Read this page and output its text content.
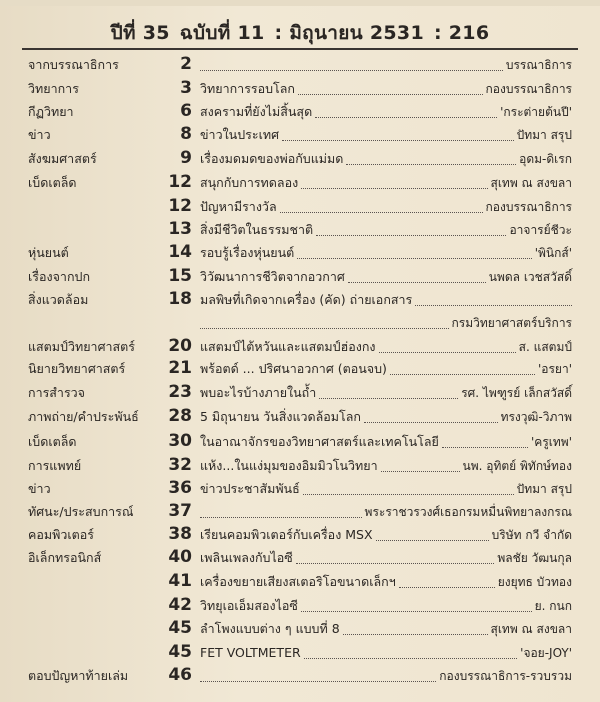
ปีที่ 35 ฉบับที่ 11 : มิถุนายน 2531 : 216
จากบรรณาธิการ	2	บรรณาธิการ
วิทยาการ	3 วิทยาการรอบโลก	กองบรรณาธิการ
กีฏวิทยา	6 สงครามที่ยังไม่สิ้นสุด	'กระต่ายต้นปี'
ข่าว	8 ข่าวในประเทศ	ปัทมา สรุป
สังฆมศาสตร์	9 เรื่องมดมดของพ่อกับแม่มด	อุดม-ดิเรก
เบ็ดเตล็ด	12 สนุกกับการทดลอง	สุเทพ ณ สงขลา
12 ปัญหามีรางวัล	กองบรรณาธิการ
13 สิ่งมีชีวิตในธรรมชาติ	อาจารย์ชีวะ
หุ่นยนต์	14 รอบรู้เรื่องหุ่นยนต์	'พินิกส์'
เรื่องจากปก	15 วิวัฒนาการชีวิตจากอวกาศ	นพดล เวชสวัสดิ์
สิ่งแวดล้อม	18 มลพิษที่เกิดจากเครื่อง (คัด) ถ่ายเอกสาร
กรมวิทยาศาสตร์บริการ
แสตมป์วิทยาศาสตร์ 20 แสตมป์ไต้หวันและแสตมป์ฮ่องกง	ส. แสตมป์
นิยายวิทยาศาสตร์	21 พร้อตด์ ... ปริศนาอวกาศ (ตอนจบ)	'อรยา'
การสำรวจ	23 พบอะไรบ้างภายในถ้ำ	รศ. ไพฑูรย์ เล็กสวัสดิ์
ภาพถ่าย/คำประพันธ์ 28 5 มิถุนายน วันสิ่งแวดล้อมโลก	ทรงวุฒิ-วิภาพ
เบ็ดเตล็ด	30 ในอาณาจักรของวิทยาศาสตร์และเทคโนโลยี	'ครูเทพ'
การแพทย์	32 แห้ง...ในแง่มุมของอิมมิวโนวิทยา	นพ. อุทิตย์ พิทักษ์ทอง
ข่าว	36 ข่าวประชาสัมพันธ์	ปัทมา สรุป
ทัศนะ/ประสบการณ์ 37	พระราชวรวงศ์เธอกรมหมื่นพิทยาลงกรณ
คอมพิวเตอร์	38 เรียนคอมพิวเตอร์กับเครื่อง MSX	บริษัท กวี จำกัด
อิเล็กทรอนิกส์	40 เพลินเพลงกับไอซี	พลชัย วัฒนกุล
41 เครื่องขยายเสียงสเตอริโอขนาดเล็กฯ	ยงยุทธ บัวทอง
42 วิทยุเอเอ็มสองไอซี	ย. กนก
45 ลำโพงแบบต่าง ๆ แบบที่ 8	สุเทพ ณ สงขลา
45 FET VOLTMETER	'จอย-JOY'
ตอบปัญหาท้ายเล่ม 46	กองบรรณาธิการ-รวบรวม
